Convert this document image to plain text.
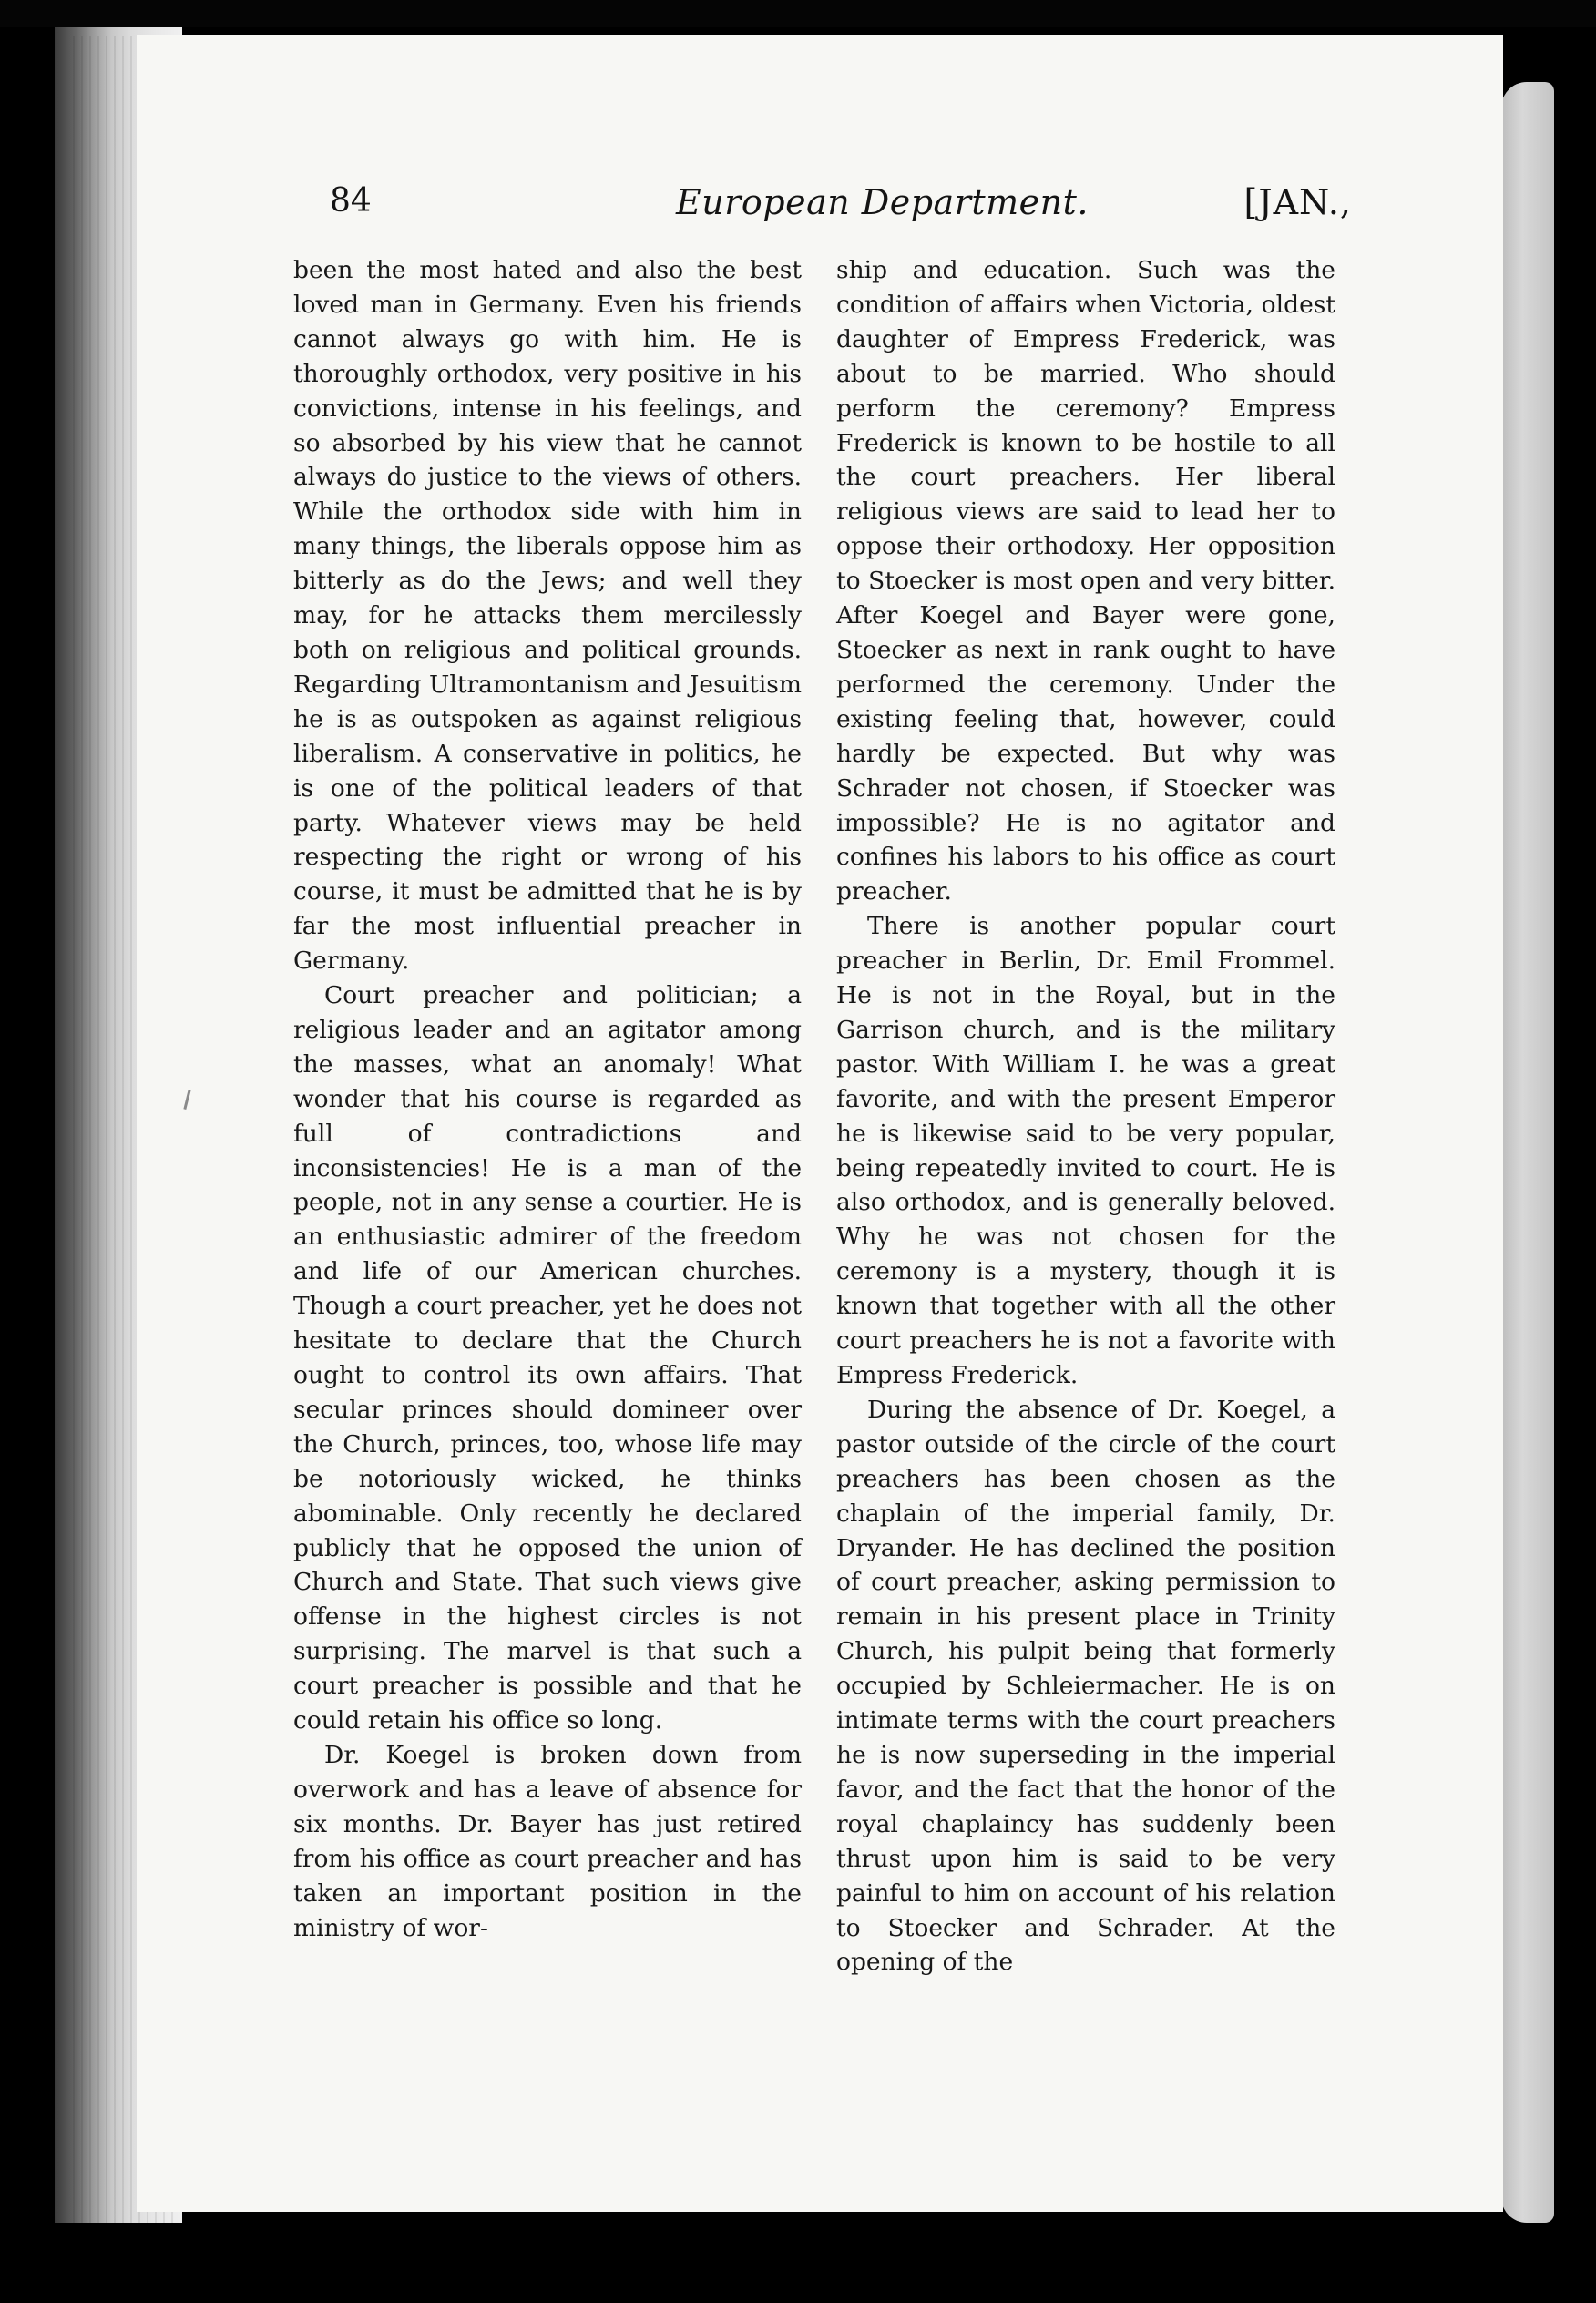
84	European Department.	[JAN.,

been the most hated and also the best loved man in Germany. Even his friends cannot always go with him. He is thoroughly orthodox, very positive in his convictions, intense in his feelings, and so absorbed by his view that he cannot always do justice to the views of others. While the orthodox side with him in many things, the liberals oppose him as bitterly as do the Jews; and well they may, for he attacks them mercilessly both on religious and political grounds. Regarding Ultramontanism and Jesuitism he is as outspoken as against religious liberalism. A conservative in politics, he is one of the political leaders of that party. Whatever views may be held respecting the right or wrong of his course, it must be admitted that he is by far the most influential preacher in Germany.

Court preacher and politician; a religious leader and an agitator among the masses, what an anomaly! What wonder that his course is regarded as full of contradictions and inconsistencies! He is a man of the people, not in any sense a courtier. He is an enthusiastic admirer of the freedom and life of our American churches. Though a court preacher, yet he does not hesitate to declare that the Church ought to control its own affairs. That secular princes should domineer over the Church, princes, too, whose life may be notoriously wicked, he thinks abominable. Only recently he declared publicly that he opposed the union of Church and State. That such views give offense in the highest circles is not surprising. The marvel is that such a court preacher is possible and that he could retain his office so long.

Dr. Koegel is broken down from overwork and has a leave of absence for six months. Dr. Bayer has just retired from his office as court preacher and has taken an important position in the ministry of wor-

ship and education. Such was the condition of affairs when Victoria, oldest daughter of Empress Frederick, was about to be married. Who should perform the ceremony? Empress Frederick is known to be hostile to all the court preachers. Her liberal religious views are said to lead her to oppose their orthodoxy. Her opposition to Stoecker is most open and very bitter. After Koegel and Bayer were gone, Stoecker as next in rank ought to have performed the ceremony. Under the existing feeling that, however, could hardly be expected. But why was Schrader not chosen, if Stoecker was impossible? He is no agitator and confines his labors to his office as court preacher.

There is another popular court preacher in Berlin, Dr. Emil Frommel. He is not in the Royal, but in the Garrison church, and is the military pastor. With William I. he was a great favorite, and with the present Emperor he is likewise said to be very popular, being repeatedly invited to court. He is also orthodox, and is generally beloved. Why he was not chosen for the ceremony is a mystery, though it is known that together with all the other court preachers he is not a favorite with Empress Frederick.

During the absence of Dr. Koegel, a pastor outside of the circle of the court preachers has been chosen as the chaplain of the imperial family, Dr. Dryander. He has declined the position of court preacher, asking permission to remain in his present place in Trinity Church, his pulpit being that formerly occupied by Schleiermacher. He is on intimate terms with the court preachers he is now superseding in the imperial favor, and the fact that the honor of the royal chaplaincy has suddenly been thrust upon him is said to be very painful to him on account of his relation to Stoecker and Schrader. At the opening of the
